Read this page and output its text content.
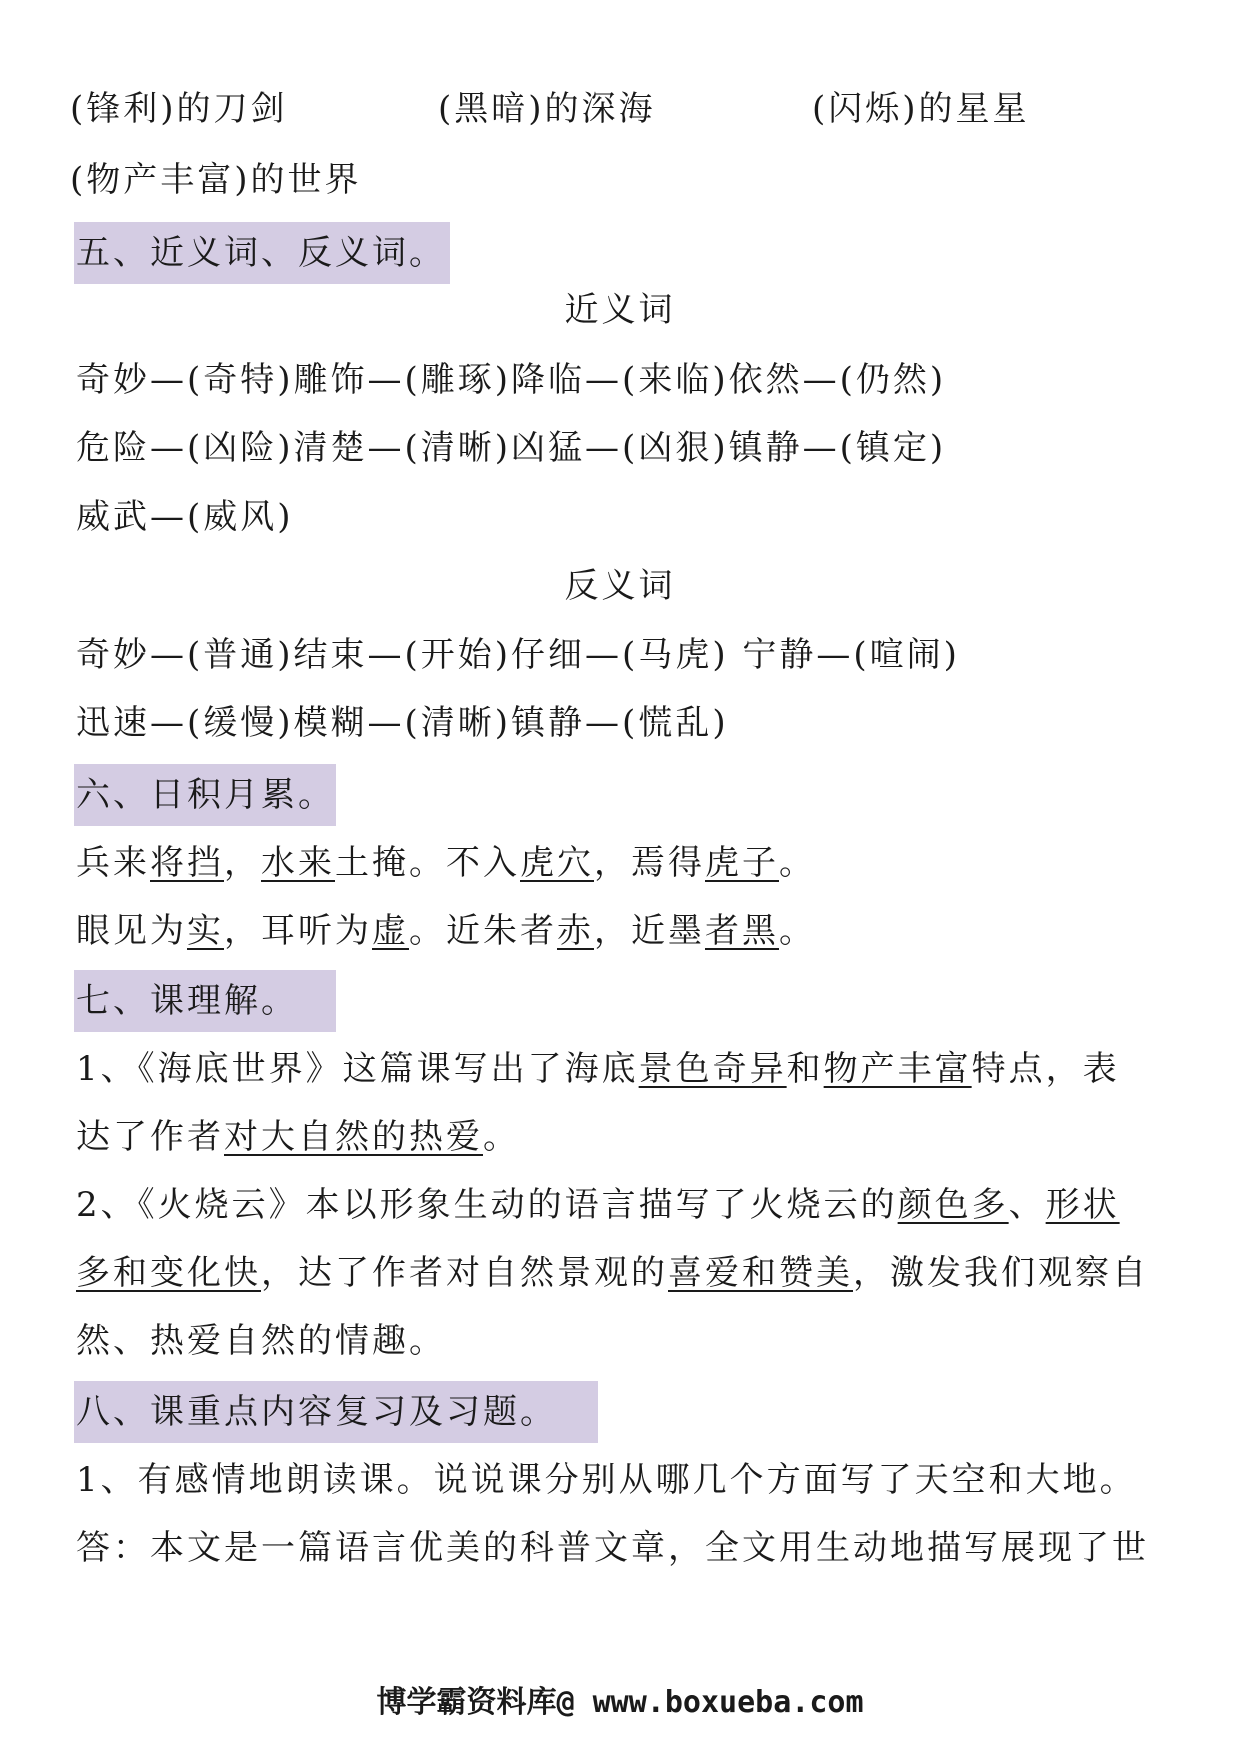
(锋利)的刀剑	(黑暗)的深海	(闪烁)的星星
(物产丰富)的世界
五、近义词、反义词。
近义词
奇妙—(奇特)雕饰—(雕琢)降临—(来临)依然—(仍然)
危险—(凶险)清楚—(清晰)凶猛—(凶狠)镇静—(镇定)
威武—(威风)
反义词
奇妙—(普通)结束—(开始)仔细—(马虎) 宁静—(喧闹)
迅速—(缓慢)模糊—(清晰)镇静—(慌乱)
六、日积月累。
兵来将挡，水来土掩。不入虎穴，焉得虎子。
眼见为实，耳听为虚。近朱者赤，近墨者黑。
七、课理解。
1、《海底世界》这篇课写出了海底景色奇异和物产丰富特点，表
达了作者对大自然的热爱。
2、《火烧云》本以形象生动的语言描写了火烧云的颜色多、形状
多和变化快，达了作者对自然景观的喜爱和赞美，激发我们观察自
然、热爱自然的情趣。
八、课重点内容复习及习题。
1、有感情地朗读课。说说课分别从哪几个方面写了天空和大地。
答：本文是一篇语言优美的科普文章，全文用生动地描写展现了世
博学霸资料库@ www.boxueba.com
